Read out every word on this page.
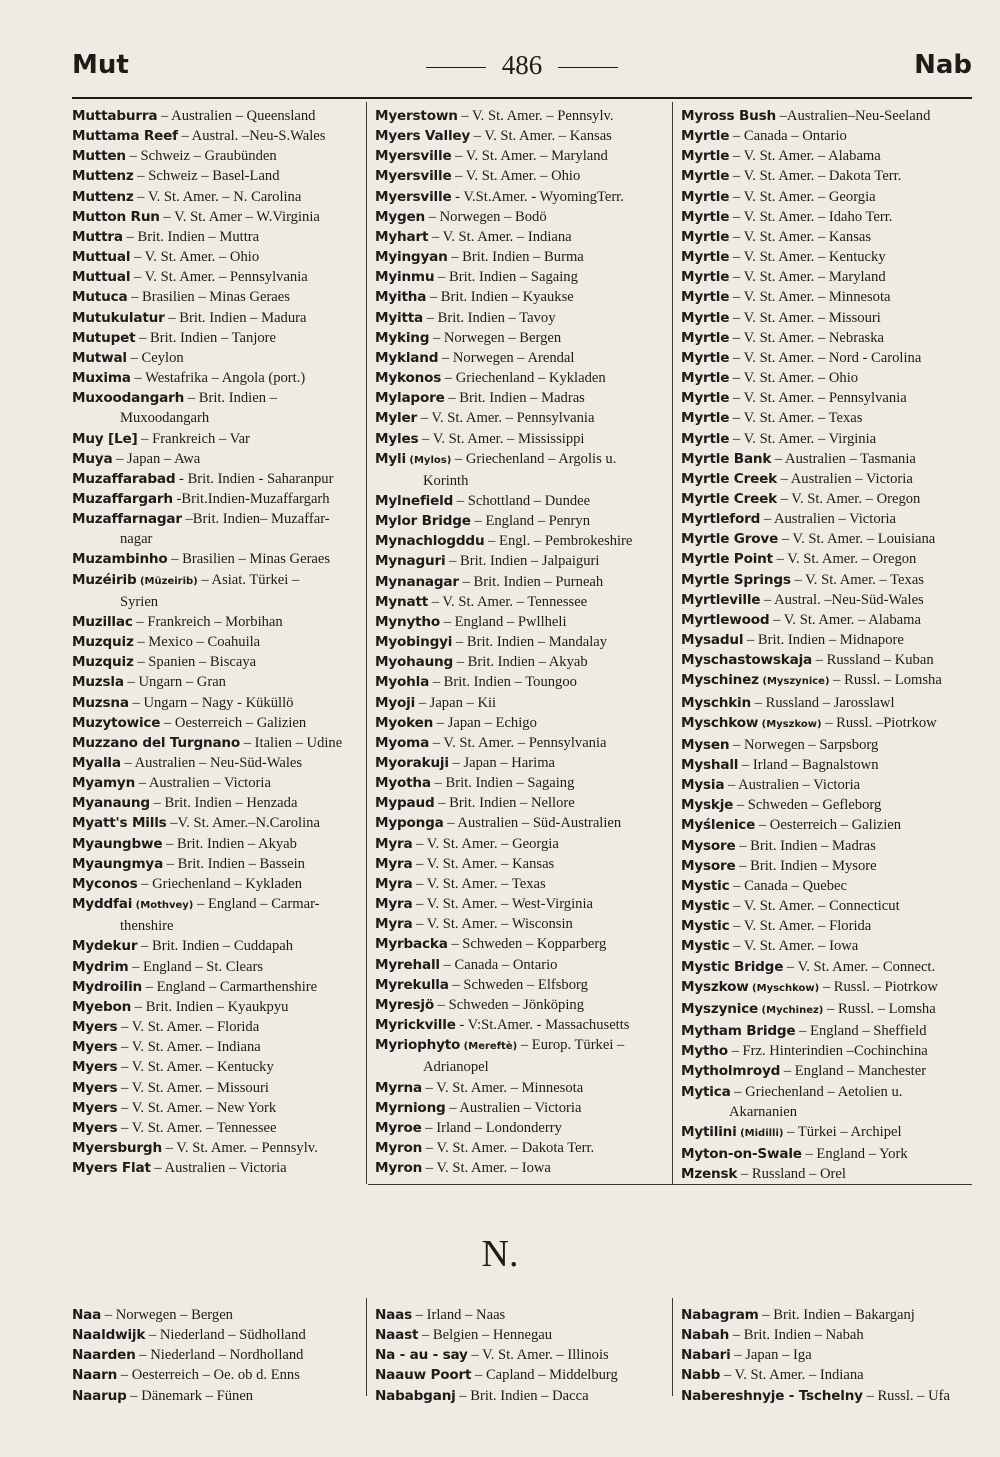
Mut	486	Nab
Muttaburra – Australien – Queensland
Muttama Reef – Austral. –Neu-S.Wales
Mutten – Schweiz – Graubünden
Muttenz – Schweiz – Basel-Land
Muttenz – V. St. Amer. – N. Carolina
Mutton Run – V. St. Amer – W.Virginia
Muttra – Brit. Indien – Muttra
Muttual – V. St. Amer. – Ohio
Muttual – V. St. Amer. – Pennsylvania
Mutuca – Brasilien – Minas Geraes
Mutukulatur – Brit. Indien – Madura
Mutupet – Brit. Indien – Tanjore
Mutwal – Ceylon
Muxima – Westafrika – Angola (port.)
Muxoodangarh – Brit. Indien –
Muxoodangarh
Muy [Le] – Frankreich – Var
Muya – Japan – Awa
Muzaffarabad - Brit. Indien - Saharanpur
Muzaffargarh -Brit.Indien-Muzaffargarh
Muzaffarnagar –Brit. Indien– Muzaffar-
nagar
Muzambinho – Brasilien – Minas Geraes
Muzéirib (Müzeirib) – Asiat. Türkei –
Syrien
Muzillac – Frankreich – Morbihan
Muzquiz – Mexico – Coahuila
Muzquiz – Spanien – Biscaya
Muzsla – Ungarn – Gran
Muzsna – Ungarn – Nagy - Küküllö
Muzytowice – Oesterreich – Galizien
Muzzano del Turgnano – Italien – Udine
Myalla – Australien – Neu-Süd-Wales
Myamyn – Australien – Victoria
Myanaung – Brit. Indien – Henzada
Myatt's Mills –V. St. Amer.–N.Carolina
Myaungbwe – Brit. Indien – Akyab
Myaungmya – Brit. Indien – Bassein
Myconos – Griechenland – Kykladen
Myddfai (Mothvey) – England – Carmar-
thenshire
Mydekur – Brit. Indien – Cuddapah
Mydrim – England – St. Clears
Mydroilin – England – Carmarthenshire
Myebon – Brit. Indien – Kyaukpyu
Myers – V. St. Amer. – Florida
Myers – V. St. Amer. – Indiana
Myers – V. St. Amer. – Kentucky
Myers – V. St. Amer. – Missouri
Myers – V. St. Amer. – New York
Myers – V. St. Amer. – Tennessee
Myersburgh – V. St. Amer. – Pennsylv.
Myers Flat – Australien – Victoria
Myerstown – V. St. Amer. – Pennsylv.
Myers Valley – V. St. Amer. – Kansas
Myersville – V. St. Amer. – Maryland
Myersville – V. St. Amer. – Ohio
Myersville - V.St.Amer. - WyomingTerr.
Mygen – Norwegen – Bodö
Myhart – V. St. Amer. – Indiana
Myingyan – Brit. Indien – Burma
Myinmu – Brit. Indien – Sagaing
Myitha – Brit. Indien – Kyaukse
Myitta – Brit. Indien – Tavoy
Myking – Norwegen – Bergen
Mykland – Norwegen – Arendal
Mykonos – Griechenland – Kykladen
Mylapore – Brit. Indien – Madras
Myler – V. St. Amer. – Pennsylvania
Myles – V. St. Amer. – Mississippi
Myli (Mylos) – Griechenland – Argolis u.
Korinth
Mylnefield – Schottland – Dundee
Mylor Bridge – England – Penryn
Mynachlogddu – Engl. – Pembrokeshire
Mynaguri – Brit. Indien – Jalpaiguri
Mynanagar – Brit. Indien – Purneah
Mynatt – V. St. Amer. – Tennessee
Mynytho – England – Pwllheli
Myobingyi – Brit. Indien – Mandalay
Myohaung – Brit. Indien – Akyab
Myohla – Brit. Indien – Toungoo
Myoji – Japan – Kii
Myoken – Japan – Echigo
Myoma – V. St. Amer. – Pennsylvania
Myorakuji – Japan – Harima
Myotha – Brit. Indien – Sagaing
Mypaud – Brit. Indien – Nellore
Myponga – Australien – Süd-Australien
Myra – V. St. Amer. – Georgia
Myra – V. St. Amer. – Kansas
Myra – V. St. Amer. – Texas
Myra – V. St. Amer. – West-Virginia
Myra – V. St. Amer. – Wisconsin
Myrbacka – Schweden – Kopparberg
Myrehall – Canada – Ontario
Myrekulla – Schweden – Elfsborg
Myresjö – Schweden – Jönköping
Myrickville - V:St.Amer. - Massachusetts
Myriophyto (Mereftè) – Europ. Türkei –
Adrianopel
Myrna – V. St. Amer. – Minnesota
Myrniong – Australien – Victoria
Myroe – Irland – Londonderry
Myron – V. St. Amer. – Dakota Terr.
Myron – V. St. Amer. – Iowa
Myross Bush –Australien–Neu-Seeland
Myrtle – Canada – Ontario
Myrtle – V. St. Amer. – Alabama
Myrtle – V. St. Amer. – Dakota Terr.
Myrtle – V. St. Amer. – Georgia
Myrtle – V. St. Amer. – Idaho Terr.
Myrtle – V. St. Amer. – Kansas
Myrtle – V. St. Amer. – Kentucky
Myrtle – V. St. Amer. – Maryland
Myrtle – V. St. Amer. – Minnesota
Myrtle – V. St. Amer. – Missouri
Myrtle – V. St. Amer. – Nebraska
Myrtle – V. St. Amer. – Nord - Carolina
Myrtle – V. St. Amer. – Ohio
Myrtle – V. St. Amer. – Pennsylvania
Myrtle – V. St. Amer. – Texas
Myrtle – V. St. Amer. – Virginia
Myrtle Bank – Australien – Tasmania
Myrtle Creek – Australien – Victoria
Myrtle Creek – V. St. Amer. – Oregon
Myrtleford – Australien – Victoria
Myrtle Grove – V. St. Amer. – Louisiana
Myrtle Point – V. St. Amer. – Oregon
Myrtle Springs – V. St. Amer. – Texas
Myrtleville – Austral. –Neu-Süd-Wales
Myrtlewood – V. St. Amer. – Alabama
Mysadul – Brit. Indien – Midnapore
Myschastowskaja – Russland – Kuban
Myschinez (Myszynice) – Russl. – Lomsha
Myschkin – Russland – Jarosslawl
Myschkow (Myszkow) – Russl. –Piotrkow
Mysen – Norwegen – Sarpsborg
Myshall – Irland – Bagnalstown
Mysia – Australien – Victoria
Myskje – Schweden – Gefleborg
Myślenice – Oesterreich – Galizien
Mysore – Brit. Indien – Madras
Mysore – Brit. Indien – Mysore
Mystic – Canada – Quebec
Mystic – V. St. Amer. – Connecticut
Mystic – V. St. Amer. – Florida
Mystic – V. St. Amer. – Iowa
Mystic Bridge – V. St. Amer. – Connect.
Myszkow (Myschkow) – Russl. – Piotrkow
Myszynice (Mychinez) – Russl. – Lomsha
Mytham Bridge – England – Sheffield
Mytho – Frz. Hinterindien –Cochinchina
Mytholmroyd – England – Manchester
Mytica – Griechenland – Aetolien u.
Akarnanien
Mytilini (Midilli) – Türkei – Archipel
Myton-on-Swale – England – York
Mzensk – Russland – Orel
N.
Naa – Norwegen – Bergen
Naaldwijk – Niederland – Südholland
Naarden – Niederland – Nordholland
Naarn – Oesterreich – Oe. ob d. Enns
Naarup – Dänemark – Fünen
Naas – Irland – Naas
Naast – Belgien – Hennegau
Na - au - say – V. St. Amer. – Illinois
Naauw Poort – Capland – Middelburg
Nababganj – Brit. Indien – Dacca
Nabagram – Brit. Indien – Bakarganj
Nabah – Brit. Indien – Nabah
Nabari – Japan – Iga
Nabb – V. St. Amer. – Indiana
Nabereshnyje - Tschelny – Russl. – Ufa
